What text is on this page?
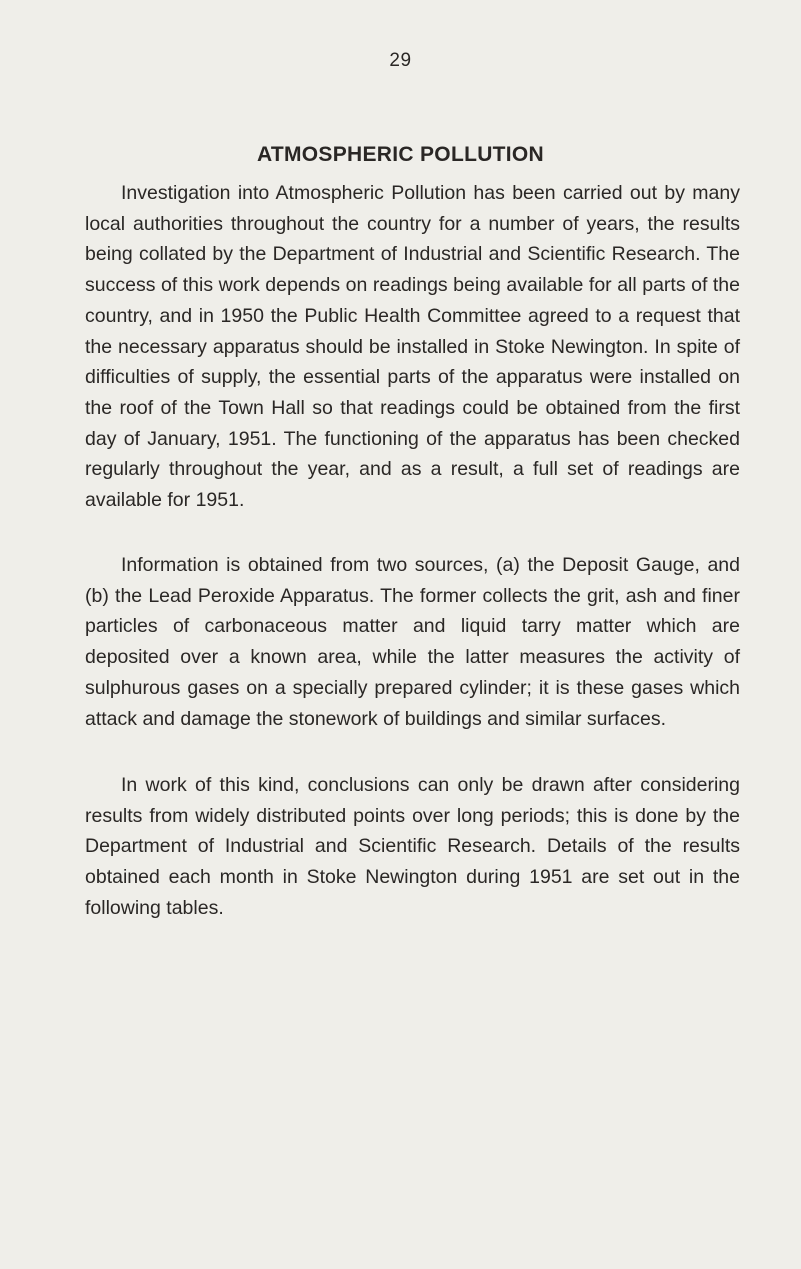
29
ATMOSPHERIC POLLUTION

Investigation into Atmospheric Pollution has been carried out by many local authorities throughout the country for a number of years, the results being collated by the Department of Industrial and Scientific Research. The success of this work depends on readings being available for all parts of the country, and in 1950 the Public Health Committee agreed to a request that the necessary apparatus should be installed in Stoke Newington. In spite of difficulties of supply, the essential parts of the apparatus were installed on the roof of the Town Hall so that readings could be obtained from the first day of January, 1951. The functioning of the apparatus has been checked regularly throughout the year, and as a result, a full set of readings are available for 1951.

Information is obtained from two sources, (a) the Deposit Gauge, and (b) the Lead Peroxide Apparatus. The former collects the grit, ash and finer particles of carbonaceous matter and liquid tarry matter which are deposited over a known area, while the latter measures the activity of sulphurous gases on a specially prepared cylinder; it is these gases which attack and damage the stonework of buildings and similar surfaces.

In work of this kind, conclusions can only be drawn after considering results from widely distributed points over long periods; this is done by the Department of Industrial and Scientific Research. Details of the results obtained each month in Stoke Newington during 1951 are set out in the following tables.
